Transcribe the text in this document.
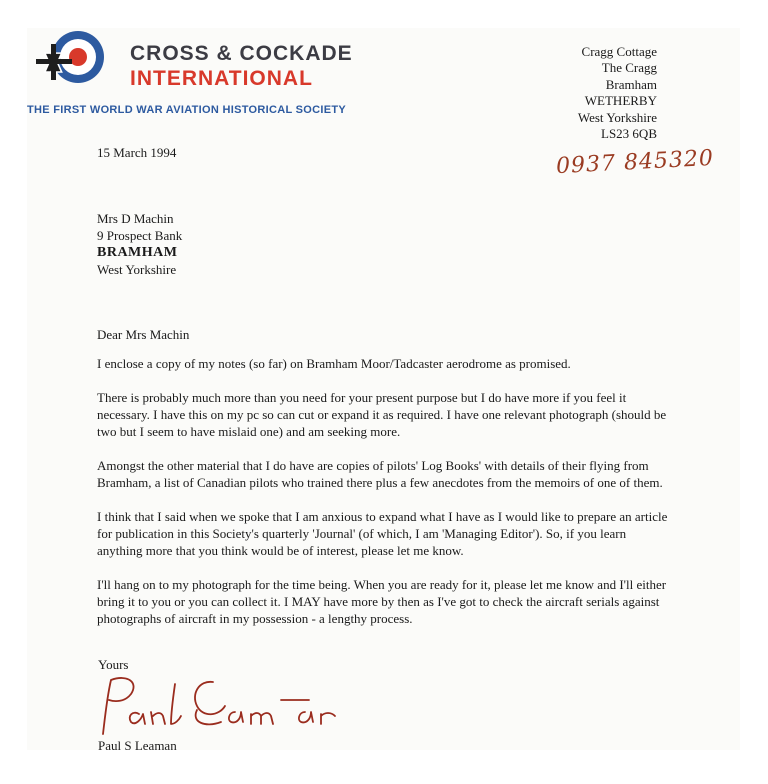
CROSS & COCKADE
INTERNATIONAL
THE FIRST WORLD WAR AVIATION HISTORICAL SOCIETY
Cragg Cottage
The Cragg
Bramham
WETHERBY
West Yorkshire
LS23 6QB
0937 845320
15 March 1994
Mrs D Machin
9 Prospect Bank
BRAMHAM
West Yorkshire

Dear Mrs Machin

I enclose a copy of my notes (so far) on Bramham Moor/Tadcaster aerodrome as promised.

There is probably much more than you need for your present purpose but I do have more if you feel it necessary. I have this on my pc so can cut or expand it as required. I have one relevant photograph (should be two but I seem to have mislaid one) and am seeking more.

Amongst the other material that I do have are copies of pilots' Log Books' with details of their flying from Bramham, a list of Canadian pilots who trained there plus a few anecdotes from the memoirs of one of them.

I think that I said when we spoke that I am anxious to expand what I have as I would like to prepare an article for publication in this Society's quarterly 'Journal' (of which, I am 'Managing Editor'). So, if you learn anything more that you think would be of interest, please let me know.

I'll hang on to my photograph for the time being. When you are ready for it, please let me know and I'll either bring it to you or you can collect it. I MAY have more by then as I've got to check the aircraft serials against photographs of aircraft in my possession - a lengthy process.

Yours
Paul S Leaman
